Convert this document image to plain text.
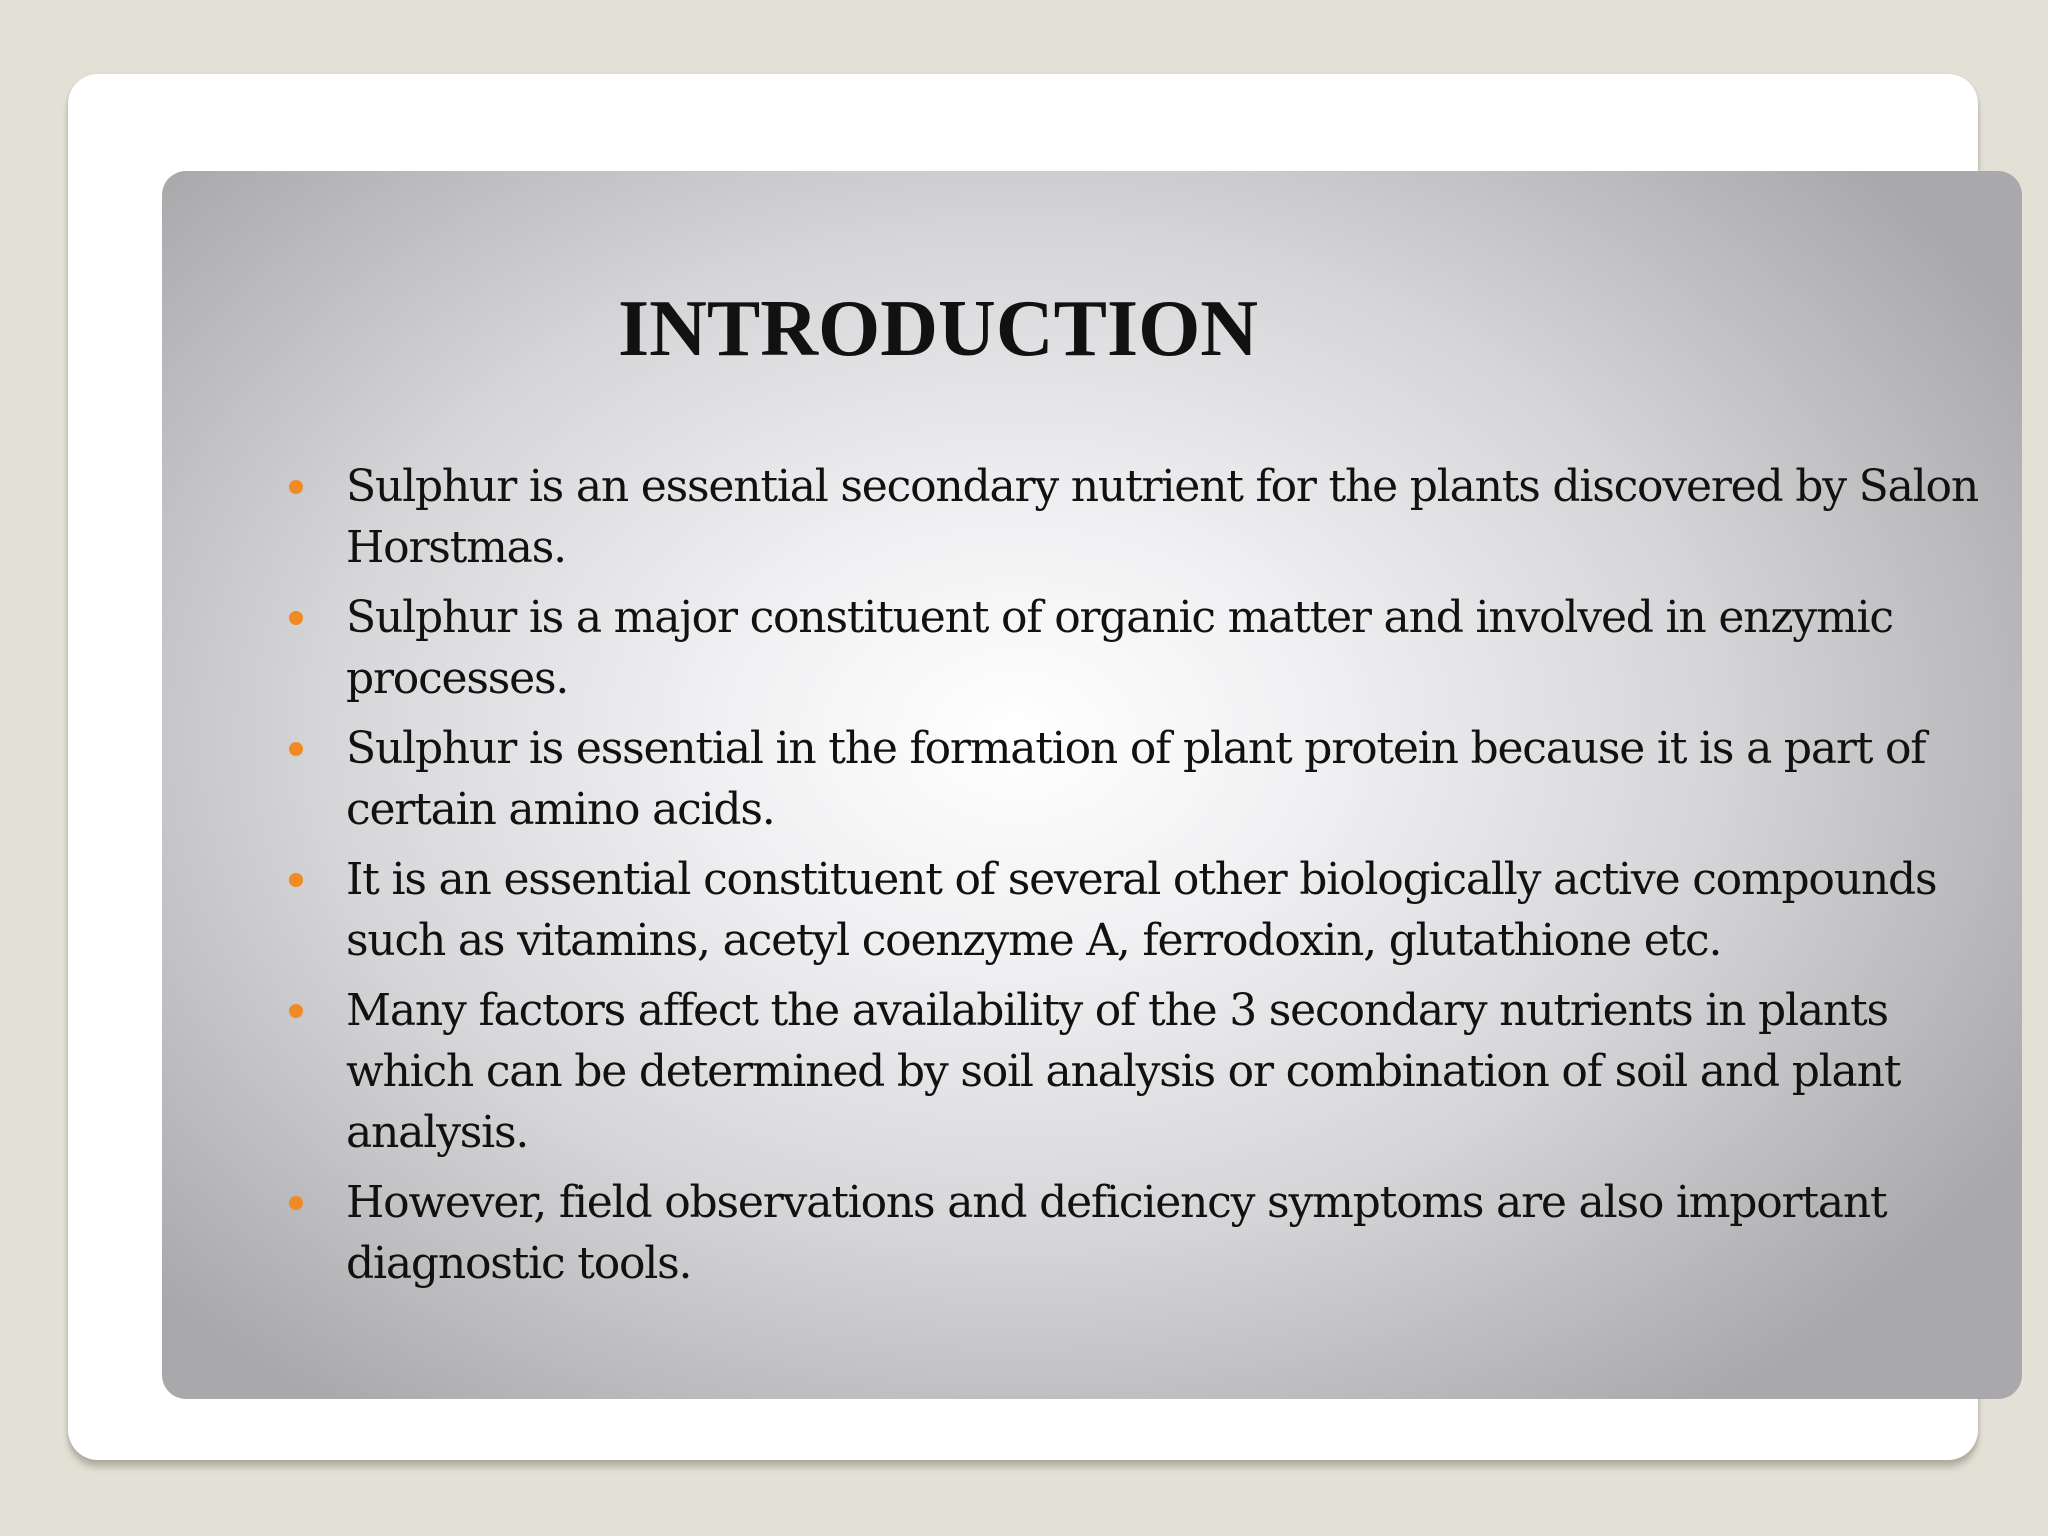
INTRODUCTION
Sulphur is an essential secondary nutrient for the plants discovered by Salon Horstmas.
Sulphur is a major constituent of organic matter and involved in enzymic processes.
Sulphur is essential in the formation of plant protein because it is a part of certain amino acids.
It is an essential constituent of several other biologically active compounds such as vitamins, acetyl coenzyme A, ferrodoxin, glutathione etc.
Many factors affect the availability of the 3 secondary nutrients in plants which can be determined by soil analysis or combination of soil and plant analysis.
However, field observations and deficiency symptoms are also important diagnostic tools.
